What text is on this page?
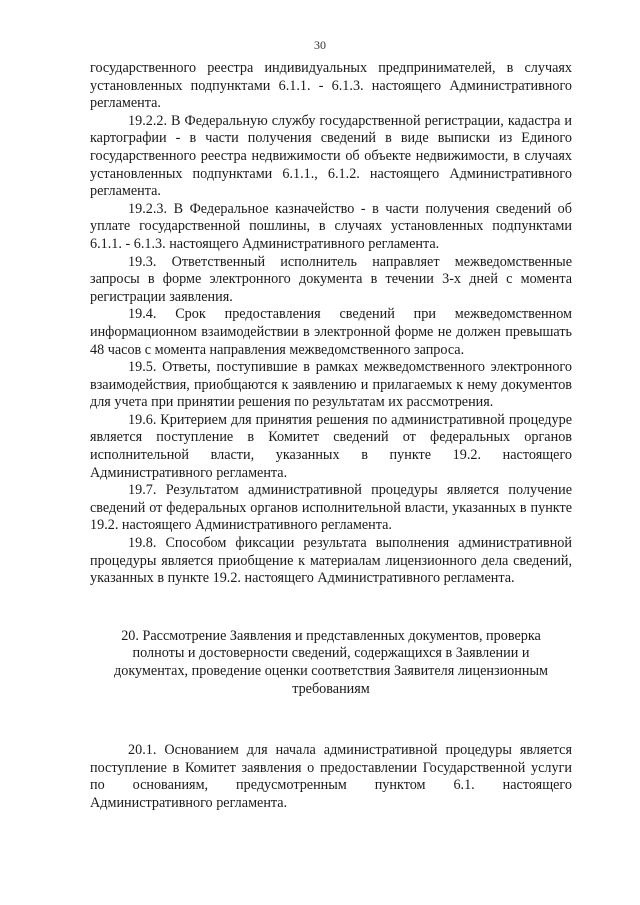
30

государственного реестра индивидуальных предпринимателей, в случаях установленных подпунктами 6.1.1. - 6.1.3. настоящего Административного регламента.

19.2.2. В Федеральную службу государственной регистрации, кадастра и картографии - в части получения сведений в виде выписки из Единого государственного реестра недвижимости об объекте недвижимости, в случаях установленных подпунктами 6.1.1., 6.1.2. настоящего Административного регламента.

19.2.3. В Федеральное казначейство - в части получения сведений об уплате государственной пошлины, в случаях установленных подпунктами 6.1.1. - 6.1.3. настоящего Административного регламента.

19.3. Ответственный исполнитель направляет межведомственные запросы в форме электронного документа в течении 3-х дней с момента регистрации заявления.

19.4. Срок предоставления сведений при межведомственном информационном взаимодействии в электронной форме не должен превышать 48 часов с момента направления межведомственного запроса.

19.5. Ответы, поступившие в рамках межведомственного электронного взаимодействия, приобщаются к заявлению и прилагаемых к нему документов для учета при принятии решения по результатам их рассмотрения.

19.6. Критерием для принятия решения по административной процедуре является поступление в Комитет сведений от федеральных органов исполнительной власти, указанных в пункте 19.2. настоящего Административного регламента.

19.7. Результатом административной процедуры является получение сведений от федеральных органов исполнительной власти, указанных в пункте 19.2. настоящего Административного регламента.

19.8. Способом фиксации результата выполнения административной процедуры является приобщение к материалам лицензионного дела сведений, указанных в пункте 19.2. настоящего Административного регламента.

20. Рассмотрение Заявления и представленных документов, проверка полноты и достоверности сведений, содержащихся в Заявлении и документах, проведение оценки соответствия Заявителя лицензионным требованиям

20.1. Основанием для начала административной процедуры является поступление в Комитет заявления о предоставлении Государственной услуги по основаниям, предусмотренным пунктом 6.1. настоящего Административного регламента.
